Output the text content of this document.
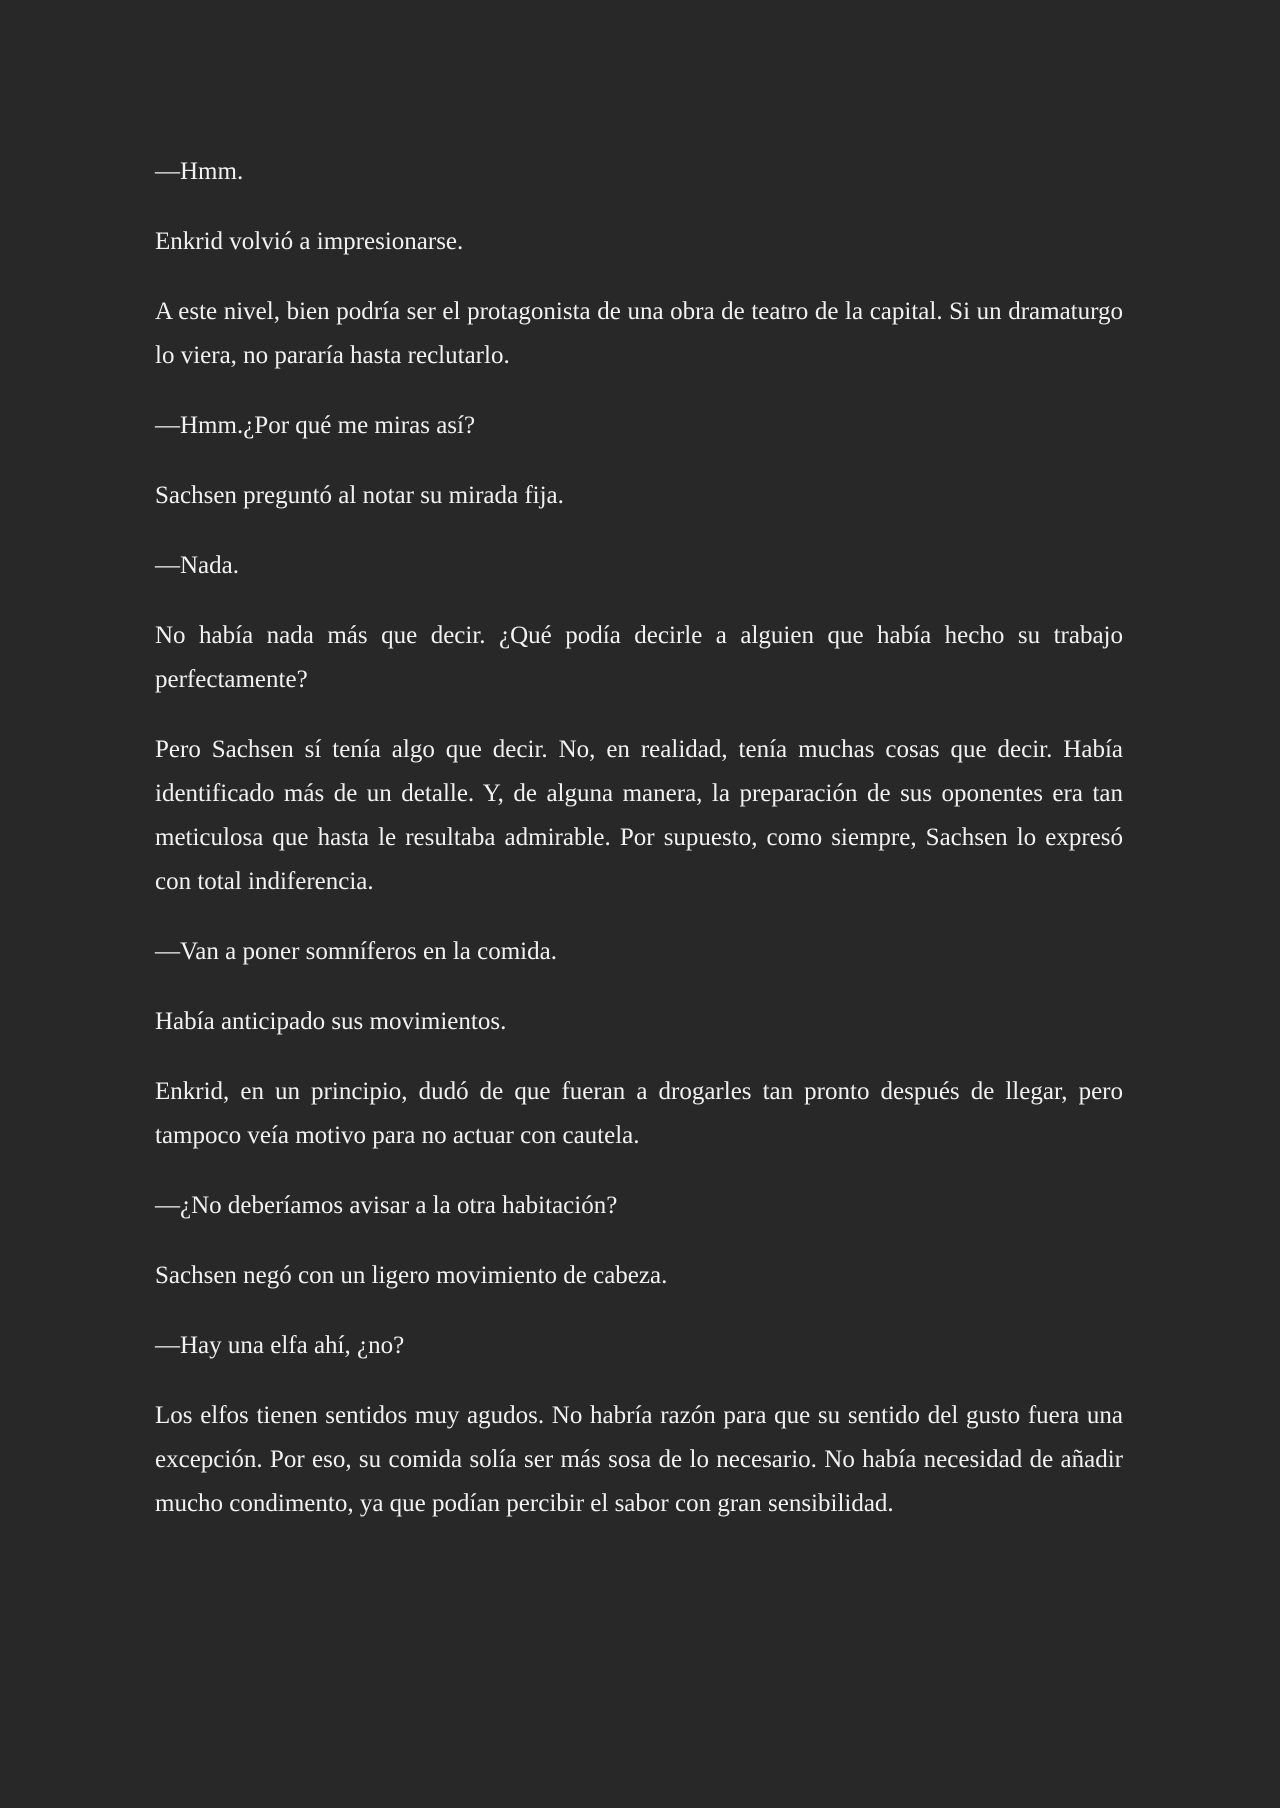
—Hmm.

Enkrid volvió a impresionarse.

A este nivel, bien podría ser el protagonista de una obra de teatro de la capital. Si un dramaturgo lo viera, no pararía hasta reclutarlo.

—Hmm.¿Por qué me miras así?

Sachsen preguntó al notar su mirada fija.

—Nada.

No había nada más que decir. ¿Qué podía decirle a alguien que había hecho su trabajo perfectamente?

Pero Sachsen sí tenía algo que decir. No, en realidad, tenía muchas cosas que decir. Había identificado más de un detalle. Y, de alguna manera, la preparación de sus oponentes era tan meticulosa que hasta le resultaba admirable. Por supuesto, como siempre, Sachsen lo expresó con total indiferencia.

—Van a poner somníferos en la comida.

Había anticipado sus movimientos.

Enkrid, en un principio, dudó de que fueran a drogarles tan pronto después de llegar, pero tampoco veía motivo para no actuar con cautela.

—¿No deberíamos avisar a la otra habitación?

Sachsen negó con un ligero movimiento de cabeza.

—Hay una elfa ahí, ¿no?

Los elfos tienen sentidos muy agudos. No habría razón para que su sentido del gusto fuera una excepción. Por eso, su comida solía ser más sosa de lo necesario. No había necesidad de añadir mucho condimento, ya que podían percibir el sabor con gran sensibilidad.
